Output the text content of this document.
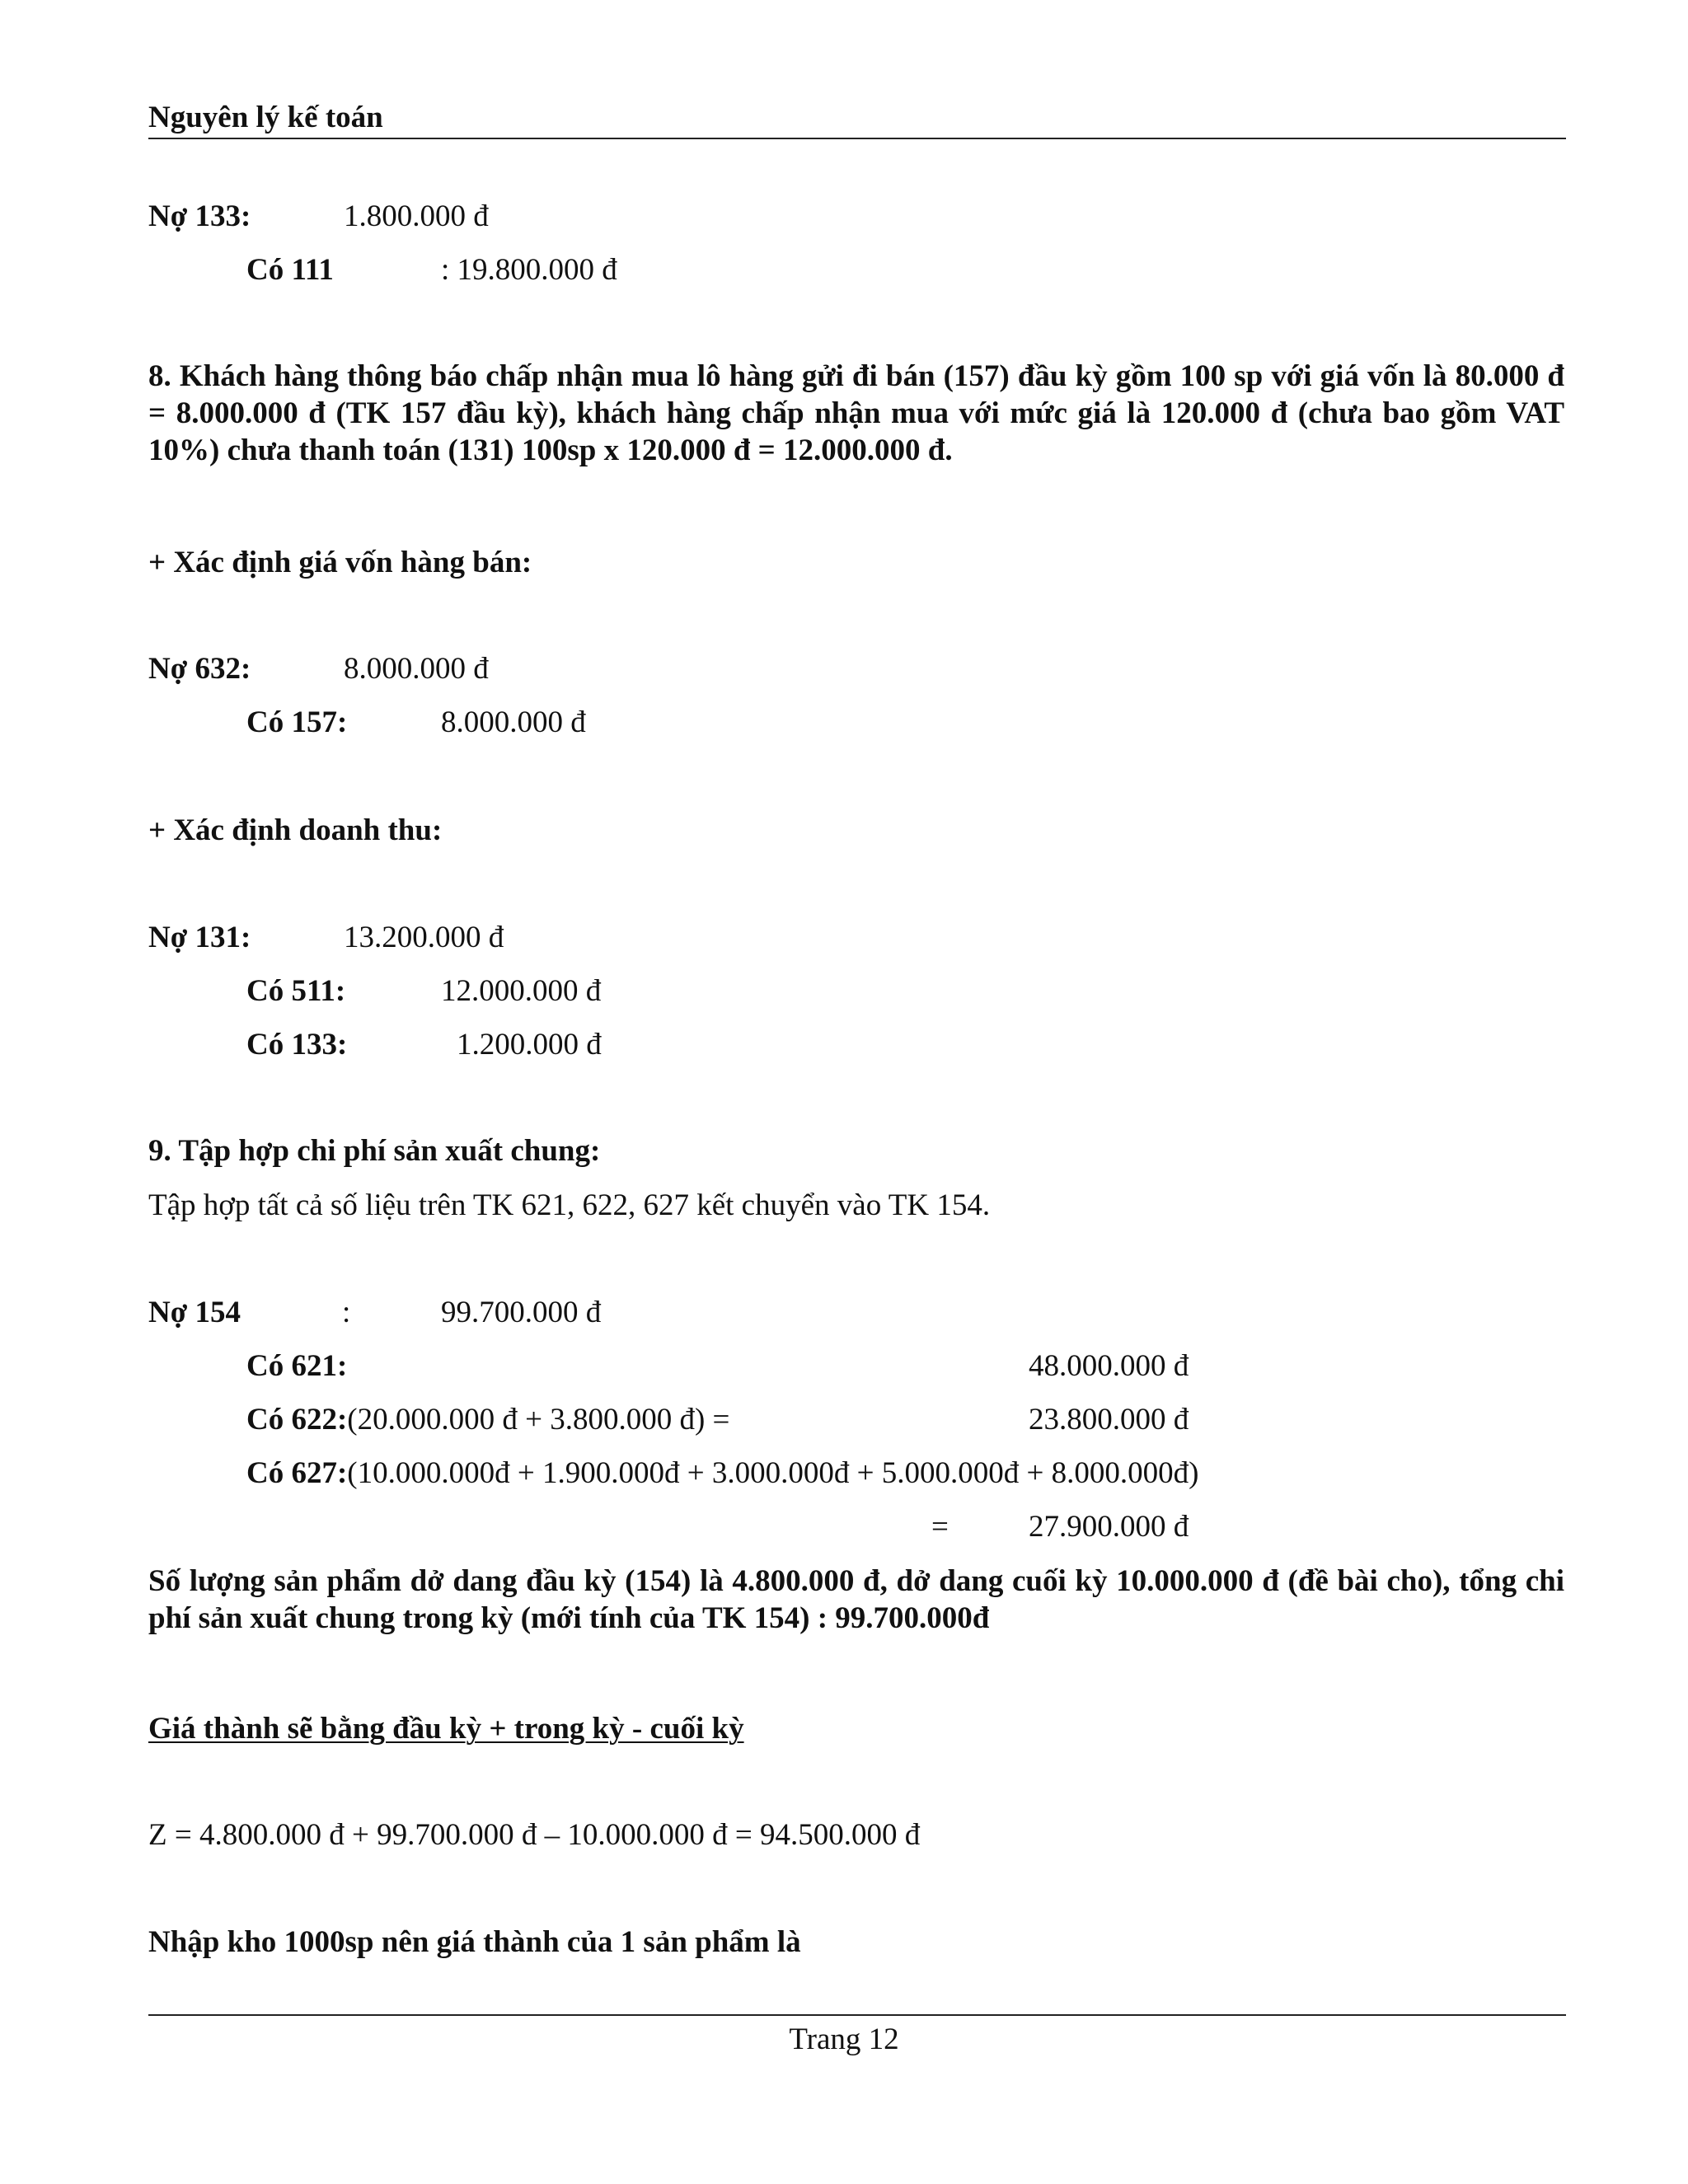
Nguyên lý kế toán
Nợ 133:	1.800.000 đ
Có 111	: 19.800.000 đ
8. Khách hàng thông báo chấp nhận mua lô hàng gửi đi bán (157) đầu kỳ gồm 100 sp với giá vốn là 80.000 đ = 8.000.000 đ (TK 157 đầu kỳ), khách hàng chấp nhận mua với mức giá là 120.000 đ (chưa bao gồm VAT 10%) chưa thanh toán (131) 100sp x 120.000 đ = 12.000.000 đ.
+ Xác định giá vốn hàng bán:
Nợ 632:	8.000.000 đ
Có 157:	8.000.000 đ
+ Xác định doanh thu:
Nợ 131:	13.200.000 đ
Có 511:	12.000.000 đ
Có 133:	1.200.000 đ
9. Tập hợp chi phí sản xuất chung:
Tập hợp tất cả số liệu trên TK 621, 622, 627 kết chuyển vào TK 154.
Nợ 154	:	99.700.000 đ
Có 621:	48.000.000 đ
Có 622:(20.000.000 đ + 3.800.000 đ) =	23.800.000 đ
Có 627:(10.000.000đ + 1.900.000đ + 3.000.000đ + 5.000.000đ + 8.000.000đ)
=	27.900.000 đ
Số lượng sản phẩm dở dang đầu kỳ (154) là 4.800.000 đ, dở dang cuối kỳ 10.000.000 đ (đề bài cho), tổng chi phí sản xuất chung trong kỳ (mới tính của TK 154) : 99.700.000đ
Giá thành sẽ bằng đầu kỳ + trong kỳ - cuối kỳ
Z = 4.800.000 đ + 99.700.000 đ – 10.000.000 đ = 94.500.000 đ
Nhập kho 1000sp nên giá thành của 1 sản phẩm là
Trang 12
